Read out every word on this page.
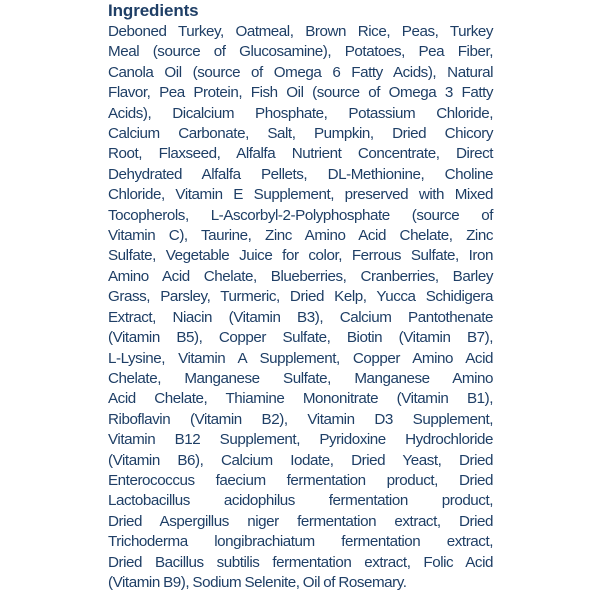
Ingredients

Deboned Turkey, Oatmeal, Brown Rice, Peas, Turkey
Meal (source of Glucosamine), Potatoes, Pea Fiber,
Canola Oil (source of Omega 6 Fatty Acids), Natural
Flavor, Pea Protein, Fish Oil (source of Omega 3 Fatty
Acids), Dicalcium Phosphate, Potassium Chloride,
Calcium Carbonate, Salt, Pumpkin, Dried Chicory
Root, Flaxseed, Alfalfa Nutrient Concentrate, Direct
Dehydrated Alfalfa Pellets, DL-Methionine, Choline
Chloride, Vitamin E Supplement, preserved with Mixed
Tocopherols, L-Ascorbyl-2-Polyphosphate (source of
Vitamin C), Taurine, Zinc Amino Acid Chelate, Zinc
Sulfate, Vegetable Juice for color, Ferrous Sulfate, Iron
Amino Acid Chelate, Blueberries, Cranberries, Barley
Grass, Parsley, Turmeric, Dried Kelp, Yucca Schidigera
Extract, Niacin (Vitamin B3), Calcium Pantothenate
(Vitamin B5), Copper Sulfate, Biotin (Vitamin B7),
L-Lysine, Vitamin A Supplement, Copper Amino Acid
Chelate, Manganese Sulfate, Manganese Amino
Acid Chelate, Thiamine Mononitrate (Vitamin B1),
Riboflavin (Vitamin B2), Vitamin D3 Supplement,
Vitamin B12 Supplement, Pyridoxine Hydrochloride
(Vitamin B6), Calcium Iodate, Dried Yeast, Dried
Enterococcus faecium fermentation product, Dried
Lactobacillus acidophilus fermentation product,
Dried Aspergillus niger fermentation extract, Dried
Trichoderma longibrachiatum fermentation extract,
Dried Bacillus subtilis fermentation extract, Folic Acid
(Vitamin B9), Sodium Selenite, Oil of Rosemary.
